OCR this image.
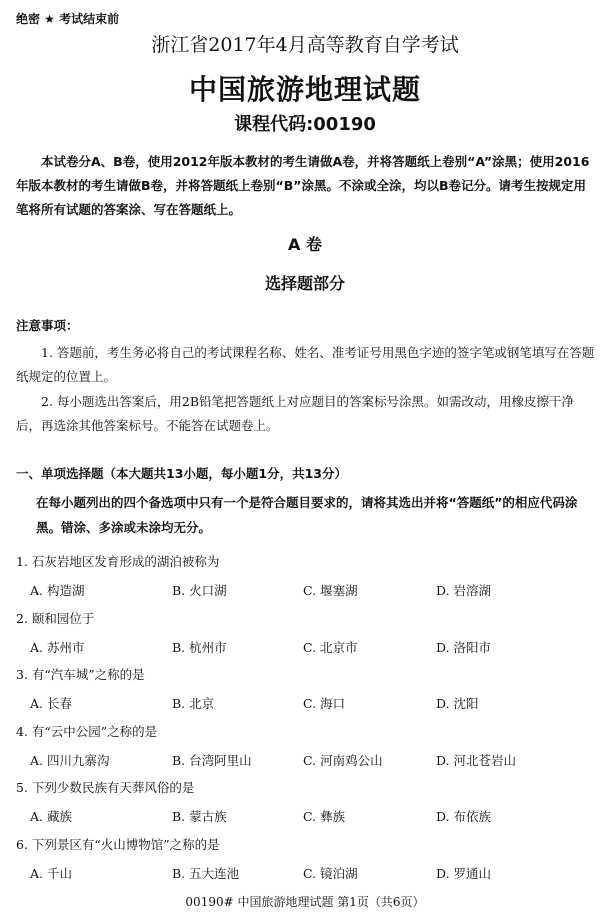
绝密 ★ 考试结束前
浙江省2017年4月高等教育自学考试
中国旅游地理试题
课程代码:00190
本试卷分A、B卷，使用2012年版本教材的考生请做A卷，并将答题纸上卷别“A”涂黑；使用2016年版本教材的考生请做B卷，并将答题纸上卷别“B”涂黑。不涂或全涂，均以B卷记分。请考生按规定用笔将所有试题的答案涂、写在答题纸上。
A 卷
选择题部分
注意事项：
1. 答题前，考生务必将自己的考试课程名称、姓名、准考证号用黑色字迹的签字笔或钢笔填写在答题纸规定的位置上。
2. 每小题选出答案后，用2B铅笔把答题纸上对应题目的答案标号涂黑。如需改动，用橡皮擦干净后，再选涂其他答案标号。不能答在试题卷上。
一、单项选择题（本大题共13小题，每小题1分，共13分）
在每小题列出的四个备选项中只有一个是符合题目要求的，请将其选出并将“答题纸”的相应代码涂黑。错涂、多涂或未涂均无分。
1. 石灰岩地区发育形成的湖泊被称为
A. 构造湖	B. 火口湖	C. 堰塞湖	D. 岩溶湖
2. 颐和园位于
A. 苏州市	B. 杭州市	C. 北京市	D. 洛阳市
3. 有“汽车城”之称的是
A. 长春	B. 北京	C. 海口	D. 沈阳
4. 有“云中公园”之称的是
A. 四川九寨沟	B. 台湾阿里山	C. 河南鸡公山	D. 河北苍岩山
5. 下列少数民族有天葬风俗的是
A. 藏族	B. 蒙古族	C. 彝族	D. 布依族
6. 下列景区有“火山博物馆”之称的是
A. 千山	B. 五大连池	C. 镜泊湖	D. 罗通山
00190# 中国旅游地理试题 第1页（共6页）
